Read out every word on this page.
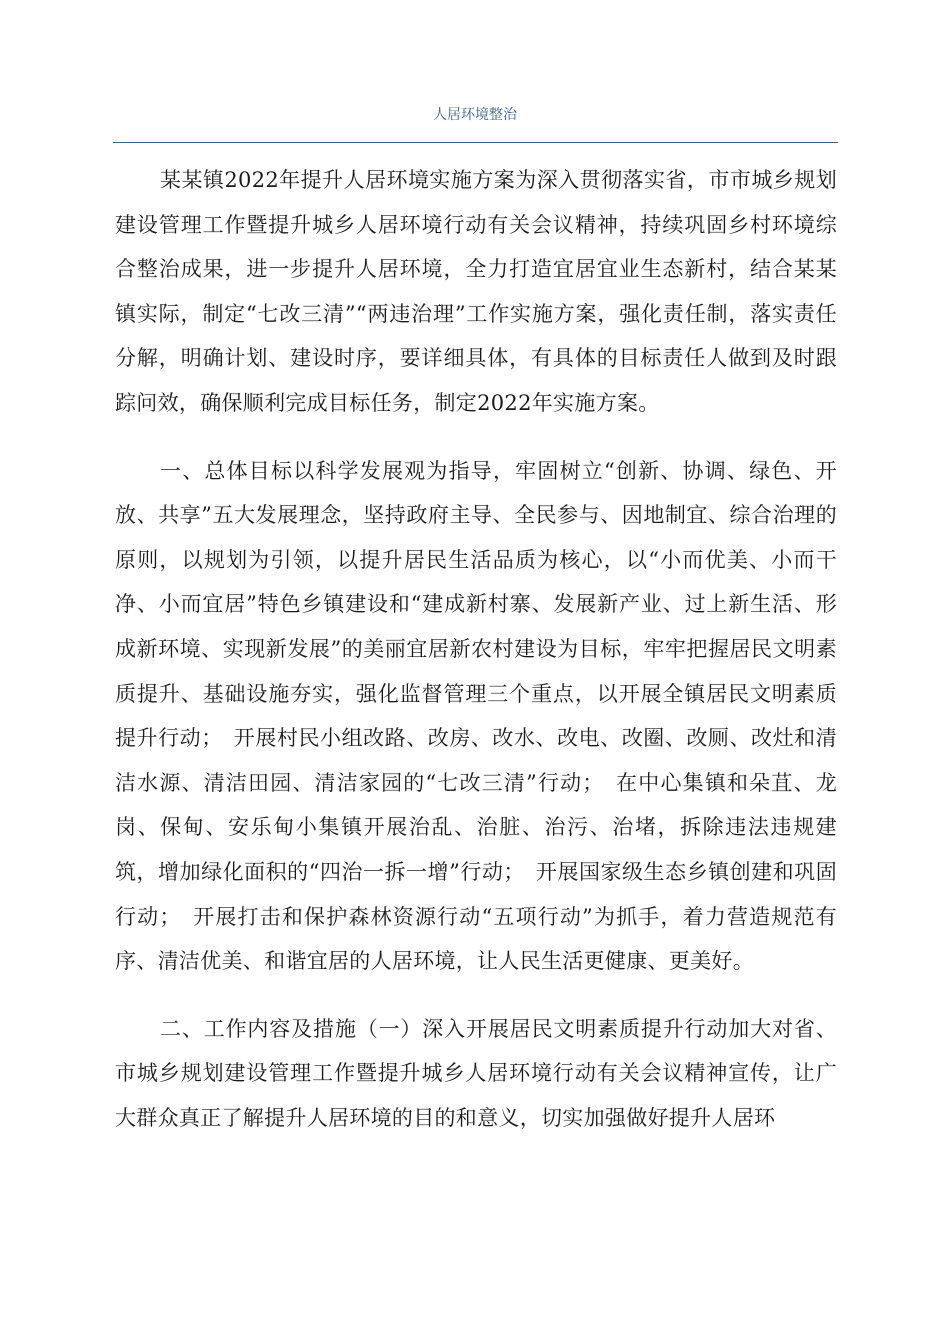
人居环境整治

某某镇2022年提升人居环境实施方案为深入贯彻落实省，市市城乡规划建设管理工作暨提升城乡人居环境行动有关会议精神，持续巩固乡村环境综合整治成果，进一步提升人居环境，全力打造宜居宜业生态新村，结合某某镇实际，制定“七改三清”“两违治理”工作实施方案，强化责任制，落实责任分解，明确计划、建设时序，要详细具体，有具体的目标责任人做到及时跟踪问效，确保顺利完成目标任务，制定2022年实施方案。

一、总体目标以科学发展观为指导，牢固树立“创新、协调、绿色、开放、共享”五大发展理念，坚持政府主导、全民参与、因地制宜、综合治理的原则，以规划为引领，以提升居民生活品质为核心，以“小而优美、小而干净、小而宜居”特色乡镇建设和“建成新村寨、发展新产业、过上新生活、形成新环境、实现新发展”的美丽宜居新农村建设为目标，牢牢把握居民文明素质提升、基础设施夯实，强化监督管理三个重点，以开展全镇居民文明素质提升行动；　开展村民小组改路、改房、改水、改电、改圈、改厕、改灶和清洁水源、清洁田园、清洁家园的“七改三清”行动；　在中心集镇和朵苴、龙岗、保甸、安乐甸小集镇开展治乱、治脏、治污、治堵，拆除违法违规建筑，增加绿化面积的“四治一拆一增”行动；　开展国家级生态乡镇创建和巩固行动；　开展打击和保护森林资源行动“五项行动”为抓手，着力营造规范有序、清洁优美、和谐宜居的人居环境，让人民生活更健康、更美好。

二、工作内容及措施（一）深入开展居民文明素质提升行动加大对省、市城乡规划建设管理工作暨提升城乡人居环境行动有关会议精神宣传，让广大群众真正了解提升人居环境的目的和意义，切实加强做好提升人居环
